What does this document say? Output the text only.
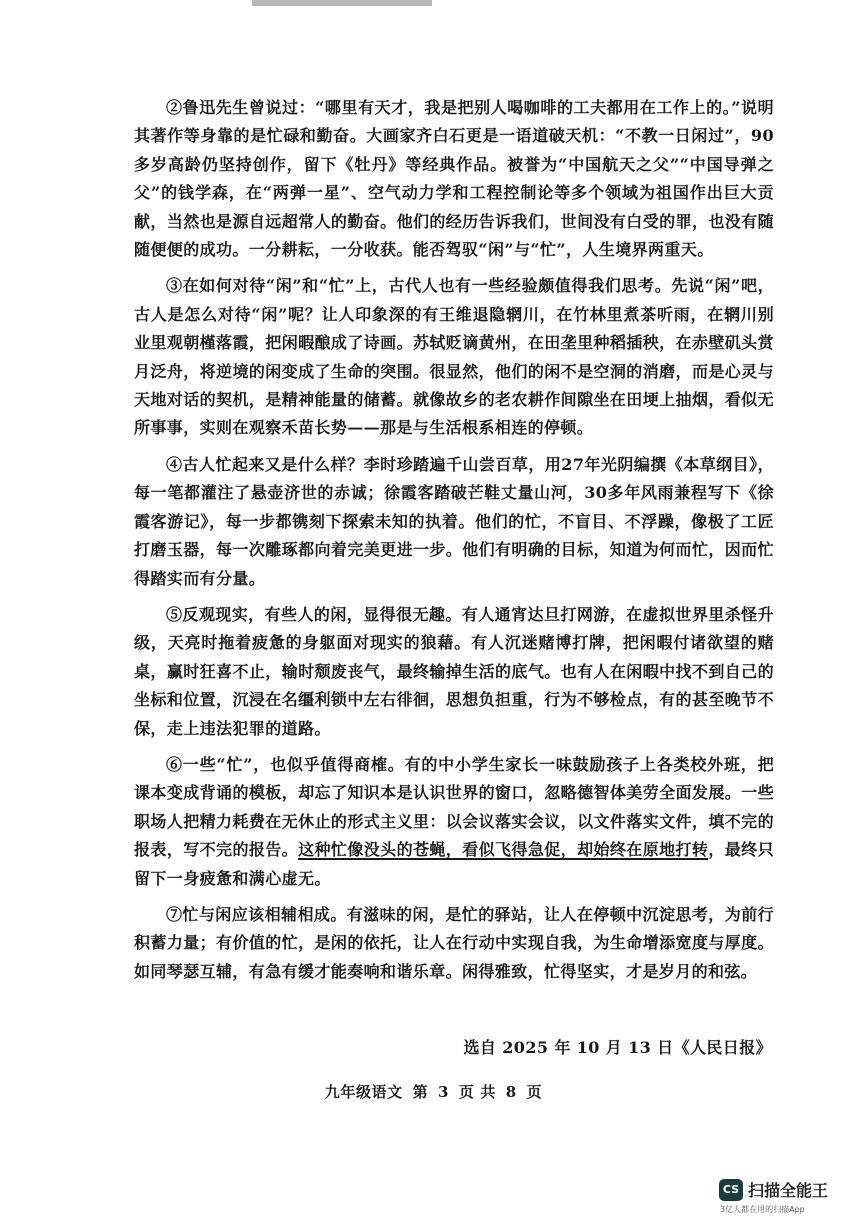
②鲁迅先生曾说过：“哪里有天才，我是把别人喝咖啡的工夫都用在工作上的。”说明其著作等身靠的是忙碌和勤奋。大画家齐白石更是一语道破天机：“不教一日闲过”，90多岁高龄仍坚持创作，留下《牡丹》等经典作品。被誉为“中国航天之父”“中国导弹之父”的钱学森，在“两弹一星”、空气动力学和工程控制论等多个领域为祖国作出巨大贡献，当然也是源自远超常人的勤奋。他们的经历告诉我们，世间没有白受的罪，也没有随随便便的成功。一分耕耘，一分收获。能否驾驭“闲”与“忙”，人生境界两重天。

③在如何对待“闲”和“忙”上，古代人也有一些经验颇值得我们思考。先说“闲”吧，古人是怎么对待“闲”呢？让人印象深的有王维退隐辋川，在竹林里煮茶听雨，在辋川别业里观朝槿落霞，把闲暇酿成了诗画。苏轼贬谪黄州，在田垄里种稻插秧，在赤壁矶头赏月泛舟，将逆境的闲变成了生命的突围。很显然，他们的闲不是空洞的消磨，而是心灵与天地对话的契机，是精神能量的储蓄。就像故乡的老农耕作间隙坐在田埂上抽烟，看似无所事事，实则在观察禾苗长势——那是与生活根系相连的停顿。

④古人忙起来又是什么样？李时珍踏遍千山尝百草，用27年光阴编撰《本草纲目》，每一笔都灌注了悬壶济世的赤诚；徐霞客踏破芒鞋丈量山河，30多年风雨兼程写下《徐霞客游记》，每一步都镌刻下探索未知的执着。他们的忙，不盲目、不浮躁，像极了工匠打磨玉器，每一次雕琢都向着完美更进一步。他们有明确的目标，知道为何而忙，因而忙得踏实而有分量。

⑤反观现实，有些人的闲，显得很无趣。有人通宵达旦打网游，在虚拟世界里杀怪升级，天亮时拖着疲惫的身躯面对现实的狼藉。有人沉迷赌博打牌，把闲暇付诸欲望的赌桌，赢时狂喜不止，输时颓废丧气，最终输掉生活的底气。也有人在闲暇中找不到自己的坐标和位置，沉浸在名缰利锁中左右徘徊，思想负担重，行为不够检点，有的甚至晚节不保，走上违法犯罪的道路。

⑥一些“忙”，也似乎值得商榷。有的中小学生家长一味鼓励孩子上各类校外班，把课本变成背诵的模板，却忘了知识本是认识世界的窗口，忽略德智体美劳全面发展。一些职场人把精力耗费在无休止的形式主义里：以会议落实会议，以文件落实文件，填不完的报表，写不完的报告。这种忙像没头的苍蝇，看似飞得急促，却始终在原地打转，最终只留下一身疲惫和满心虚无。

⑦忙与闲应该相辅相成。有滋味的闲，是忙的驿站，让人在停顿中沉淀思考，为前行积蓄力量；有价值的忙，是闲的依托，让人在行动中实现自我，为生命增添宽度与厚度。如同琴瑟互辅，有急有缓才能奏响和谐乐章。闲得雅致，忙得坚实，才是岁月的和弦。

选自 2025 年 10 月 13 日《人民日报》

九年级语文 第 3 页 共 8 页
CS 扫描全能王
3亿人都在用的扫描App
